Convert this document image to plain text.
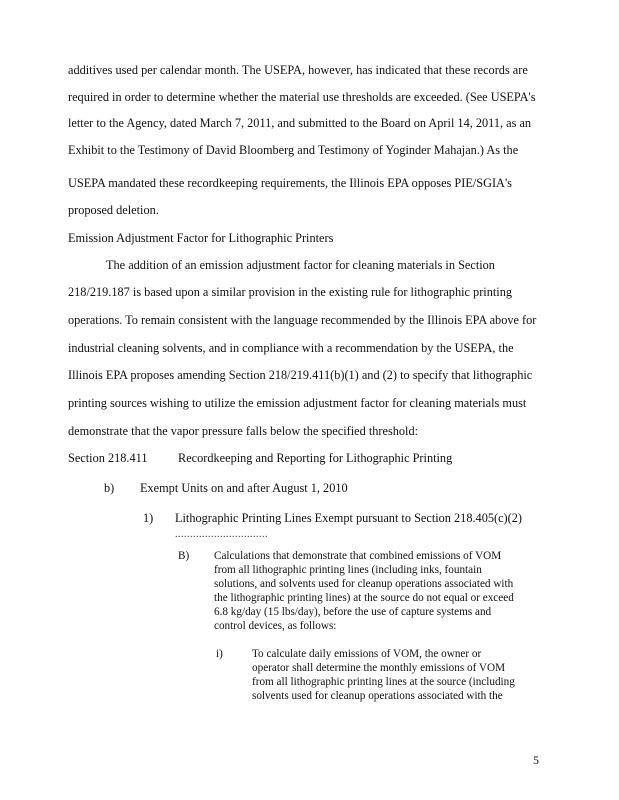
additives used per calendar month. The USEPA, however, has indicated that these records are
required in order to determine whether the material use thresholds are exceeded. (See USEPA's
letter to the Agency, dated March 7, 2011, and submitted to the Board on April 14, 2011, as an
Exhibit to the Testimony of David Bloomberg and Testimony of Yoginder Mahajan.) As the
USEPA mandated these recordkeeping requirements, the Illinois EPA opposes PIE/SGIA's
proposed deletion.
Emission Adjustment Factor for Lithographic Printers
The addition of an emission adjustment factor for cleaning materials in Section
218/219.187 is based upon a similar provision in the existing rule for lithographic printing
operations. To remain consistent with the language recommended by the Illinois EPA above for
industrial cleaning solvents, and in compliance with a recommendation by the USEPA, the
Illinois EPA proposes amending Section 218/219.411(b)(1) and (2) to specify that lithographic
printing sources wishing to utilize the emission adjustment factor for cleaning materials must
demonstrate that the vapor pressure falls below the specified threshold:
Section 218.411 Recordkeeping and Reporting for Lithographic Printing
b) Exempt Units on and after August 1, 2010
1) Lithographic Printing Lines Exempt pursuant to Section 218.405(c)(2)
...............................
B) Calculations that demonstrate that combined emissions of VOM
from all lithographic printing lines (including inks, fountain
solutions, and solvents used for cleanup operations associated with
the lithographic printing lines) at the source do not equal or exceed
6.8 kg/day (15 lbs/day), before the use of capture systems and
control devices, as follows:
i)	To calculate daily emissions of VOM, the owner or
operator shall determine the monthly emissions of VOM
from all lithographic printing lines at the source (including
solvents used for cleanup operations associated with the
5
